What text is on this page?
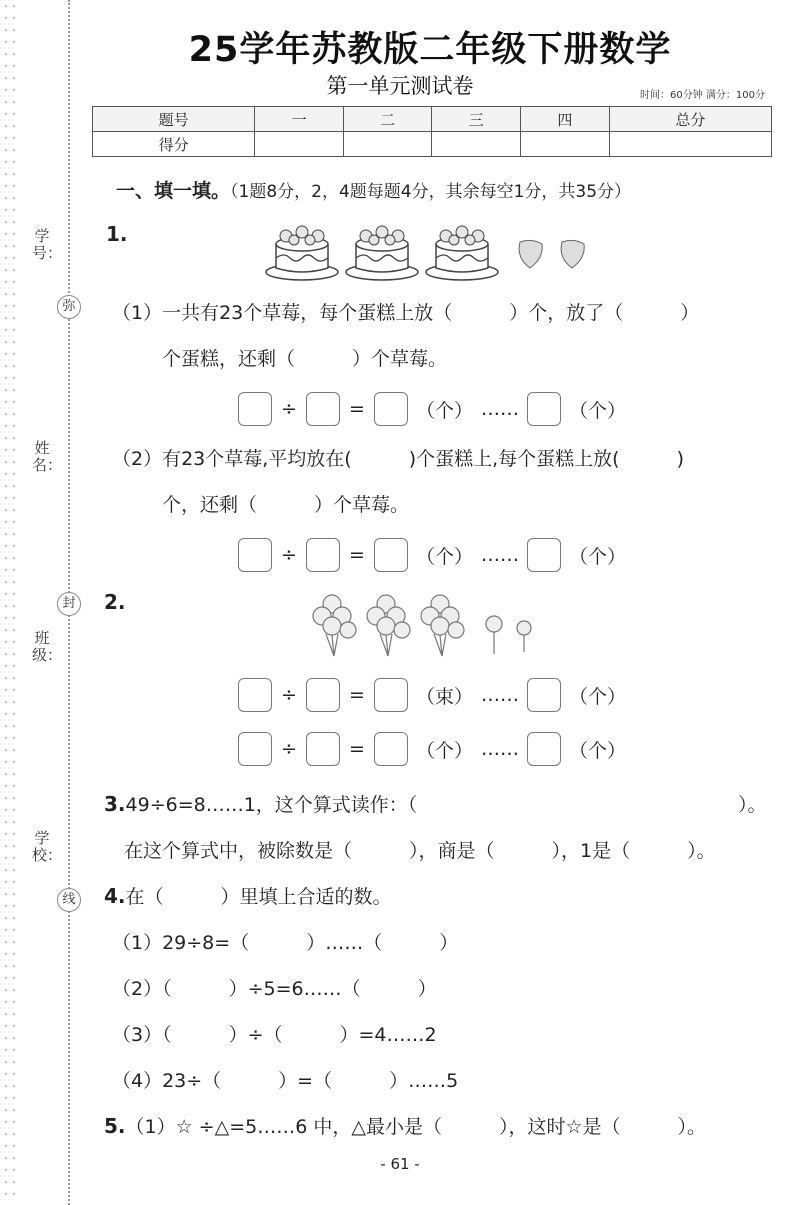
学号：
姓名：
班级：
学校：
弥
封
线
25学年苏教版二年级下册数学
第一单元测试卷	时间：60分钟 满分：100分
题号	一	二	三	四	总分
得分					
一、填一填。（1题8分，2，4题每题4分，其余每空1分，共35分）
1.
（1）一共有23个草莓，每个蛋糕上放（　　　）个，放了（　　　）
个蛋糕，还剩（　　　）个草莓。
÷	=	（个） ……	（个）
（2）有23个草莓,平均放在(　　　)个蛋糕上,每个蛋糕上放(　　　)
个，还剩（　　　）个草莓。
÷	=	（个） ……	（个）
2.
÷	=	（束） ……	（个）
÷	=	（个） ……	（个）
3.49÷6=8……1，这个算式读作：（	）。
在这个算式中，被除数是（　　　），商是（　　　），1是（　　　）。
4.在（　　　）里填上合适的数。
（1）29÷8=（　　　）……（　　　）
（2）（　　　）÷5=6……（　　　）
（3）（　　　）÷（　　　）=4……2
（4）23÷（　　　）=（　　　）……5
5.（1）☆ ÷△=5……6 中，△最小是（　　　），这时☆是（　　　）。
- 61 -
